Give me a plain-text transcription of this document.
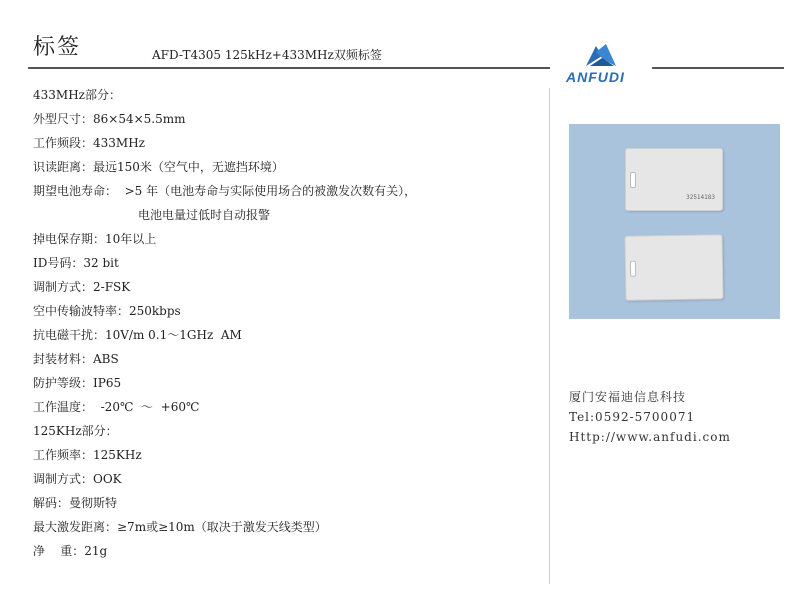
标签	AFD-T4305 125kHz+433MHz双频标签
ANFUDI
433MHz部分：
外型尺寸：86×54×5.5mm
工作频段：433MHz
识读距离：最远150米（空气中，无遮挡环境）
期望电池寿命：  >5 年（电池寿命与实际使用场合的被激发次数有关），
电池电量过低时自动报警
掉电保存期：10年以上
ID号码：32 bit
调制方式：2-FSK
空中传输波特率：250kbps
抗电磁干扰：10V/m 0.1～1GHz  AM
封装材料：ABS
防护等级：IP65
工作温度：  -20℃  ～  +60℃
125KHz部分：
工作频率：125KHz
调制方式：OOK
解码：曼彻斯特
最大激发距离：≥7m或≥10m（取决于激发天线类型）
净    重：21g
32514183
厦门安福迪信息科技
Tel:0592-5700071
Http://www.anfudi.com
